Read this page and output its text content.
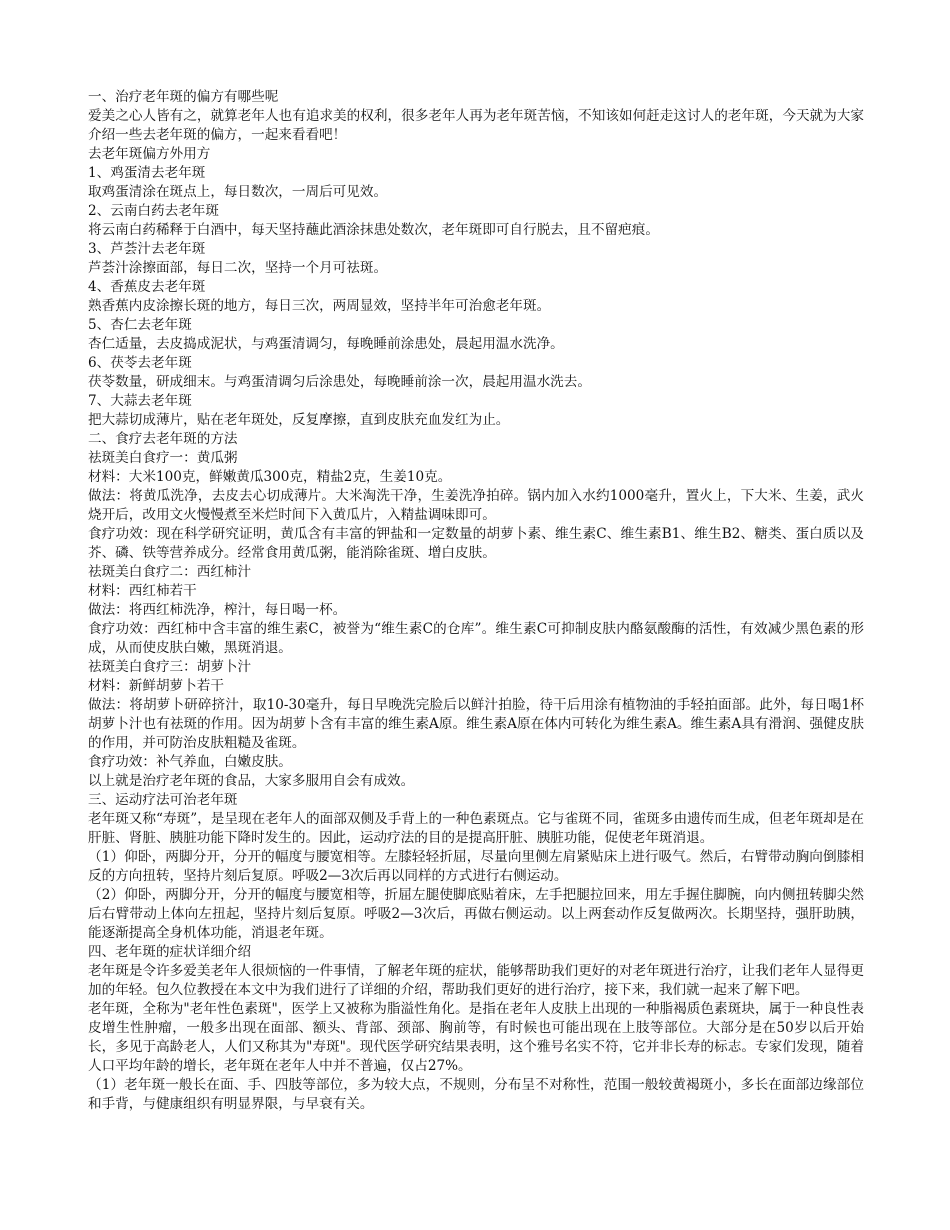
一、治疗老年斑的偏方有哪些呢

爱美之心人皆有之，就算老年人也有追求美的权利，很多老年人再为老年斑苦恼，不知该如何赶走这讨人的老年斑，今天就为大家介绍一些去老年斑的偏方，一起来看看吧！

去老年斑偏方外用方

1、鸡蛋清去老年斑

取鸡蛋清涂在斑点上，每日数次，一周后可见效。

2、云南白药去老年斑

将云南白药稀释于白酒中，每天坚持蘸此酒涂抹患处数次，老年斑即可自行脱去，且不留疤痕。

3、芦荟汁去老年斑

芦荟汁涂擦面部，每日二次，坚持一个月可祛斑。

4、香蕉皮去老年斑

熟香蕉内皮涂擦长斑的地方，每日三次，两周显效，坚持半年可治愈老年斑。

5、杏仁去老年斑

杏仁适量，去皮捣成泥状，与鸡蛋清调匀，每晚睡前涂患处，晨起用温水洗净。

6、茯苓去老年斑

茯苓数量，研成细末。与鸡蛋清调匀后涂患处，每晚睡前涂一次，晨起用温水洗去。

7、大蒜去老年斑

把大蒜切成薄片，贴在老年斑处，反复摩擦，直到皮肤充血发红为止。

二、食疗去老年斑的方法

祛斑美白食疗一：黄瓜粥

材料：大米100克，鲜嫩黄瓜300克，精盐2克，生姜10克。

做法：将黄瓜洗净，去皮去心切成薄片。大米淘洗干净，生姜洗净拍碎。锅内加入水约1000毫升，置火上，下大米、生姜，武火烧开后，改用文火慢慢煮至米烂时间下入黄瓜片，入精盐调味即可。

食疗功效：现在科学研究证明，黄瓜含有丰富的钾盐和一定数量的胡萝卜素、维生素C、维生素B1、维生B2、糖类、蛋白质以及芥、磷、铁等营养成分。经常食用黄瓜粥，能消除雀斑、增白皮肤。

祛斑美白食疗二：西红柿汁

材料：西红柿若干

做法：将西红柿洗净，榨汁，每日喝一杯。

食疗功效：西红柿中含丰富的维生素C，被誉为“维生素C的仓库”。维生素C可抑制皮肤内酪氨酸酶的活性，有效减少黑色素的形成，从而使皮肤白嫩，黑斑消退。

祛斑美白食疗三：胡萝卜汁

材料：新鲜胡萝卜若干

做法：将胡萝卜研碎挤汁，取10-30毫升，每日早晚洗完脸后以鲜汁拍脸，待干后用涂有植物油的手轻拍面部。此外，每日喝1杯胡萝卜汁也有祛斑的作用。因为胡萝卜含有丰富的维生素A原。维生素A原在体内可转化为维生素A。维生素A具有滑润、强健皮肤的作用，并可防治皮肤粗糙及雀斑。

食疗功效：补气养血，白嫩皮肤。

以上就是治疗老年斑的食品，大家多服用自会有成效。

三、运动疗法可治老年斑

老年斑又称“寿斑”，是呈现在老年人的面部双侧及手背上的一种色素斑点。它与雀斑不同，雀斑多由遗传而生成，但老年斑却是在肝脏、肾脏、胰脏功能下降时发生的。因此，运动疗法的目的是提高肝脏、胰脏功能，促使老年斑消退。

（1）仰卧，两脚分开，分开的幅度与腰宽相等。左膝轻轻折屈，尽量向里侧左肩紧贴床上进行吸气。然后，右臂带动胸向倒膝相反的方向扭转，坚持片刻后复原。呼吸2—3次后再以同样的方式进行右侧运动。

（2）仰卧，两脚分开，分开的幅度与腰宽相等，折屈左腿使脚底贴着床，左手把腿拉回来，用左手握住脚腕，向内侧扭转脚尖然后右臂带动上体向左扭起，坚持片刻后复原。呼吸2—3次后，再做右侧运动。以上两套动作反复做两次。长期坚持，强肝助胰，能逐渐提高全身机体功能，消退老年斑。

四、老年斑的症状详细介绍

老年斑是令许多爱美老年人很烦恼的一件事情，了解老年斑的症状，能够帮助我们更好的对老年斑进行治疗，让我们老年人显得更加的年轻。包久位教授在本文中为我们进行了详细的介绍，帮助我们更好的进行治疗，接下来，我们就一起来了解下吧。

老年斑，全称为"老年性色素斑"，医学上又被称为脂溢性角化。是指在老年人皮肤上出现的一种脂褐质色素斑块，属于一种良性表皮增生性肿瘤，一般多出现在面部、额头、背部、颈部、胸前等，有时候也可能出现在上肢等部位。大部分是在50岁以后开始长，多见于高龄老人，人们又称其为"寿斑"。现代医学研究结果表明，这个雅号名实不符，它并非长寿的标志。专家们发现，随着人口平均年龄的增长，老年斑在老年人中并不普遍，仅占27%。

（1）老年斑一般长在面、手、四肢等部位，多为较大点，不规则，分布呈不对称性，范围一般较黄褐斑小，多长在面部边缘部位和手背，与健康组织有明显界限，与早衰有关。
